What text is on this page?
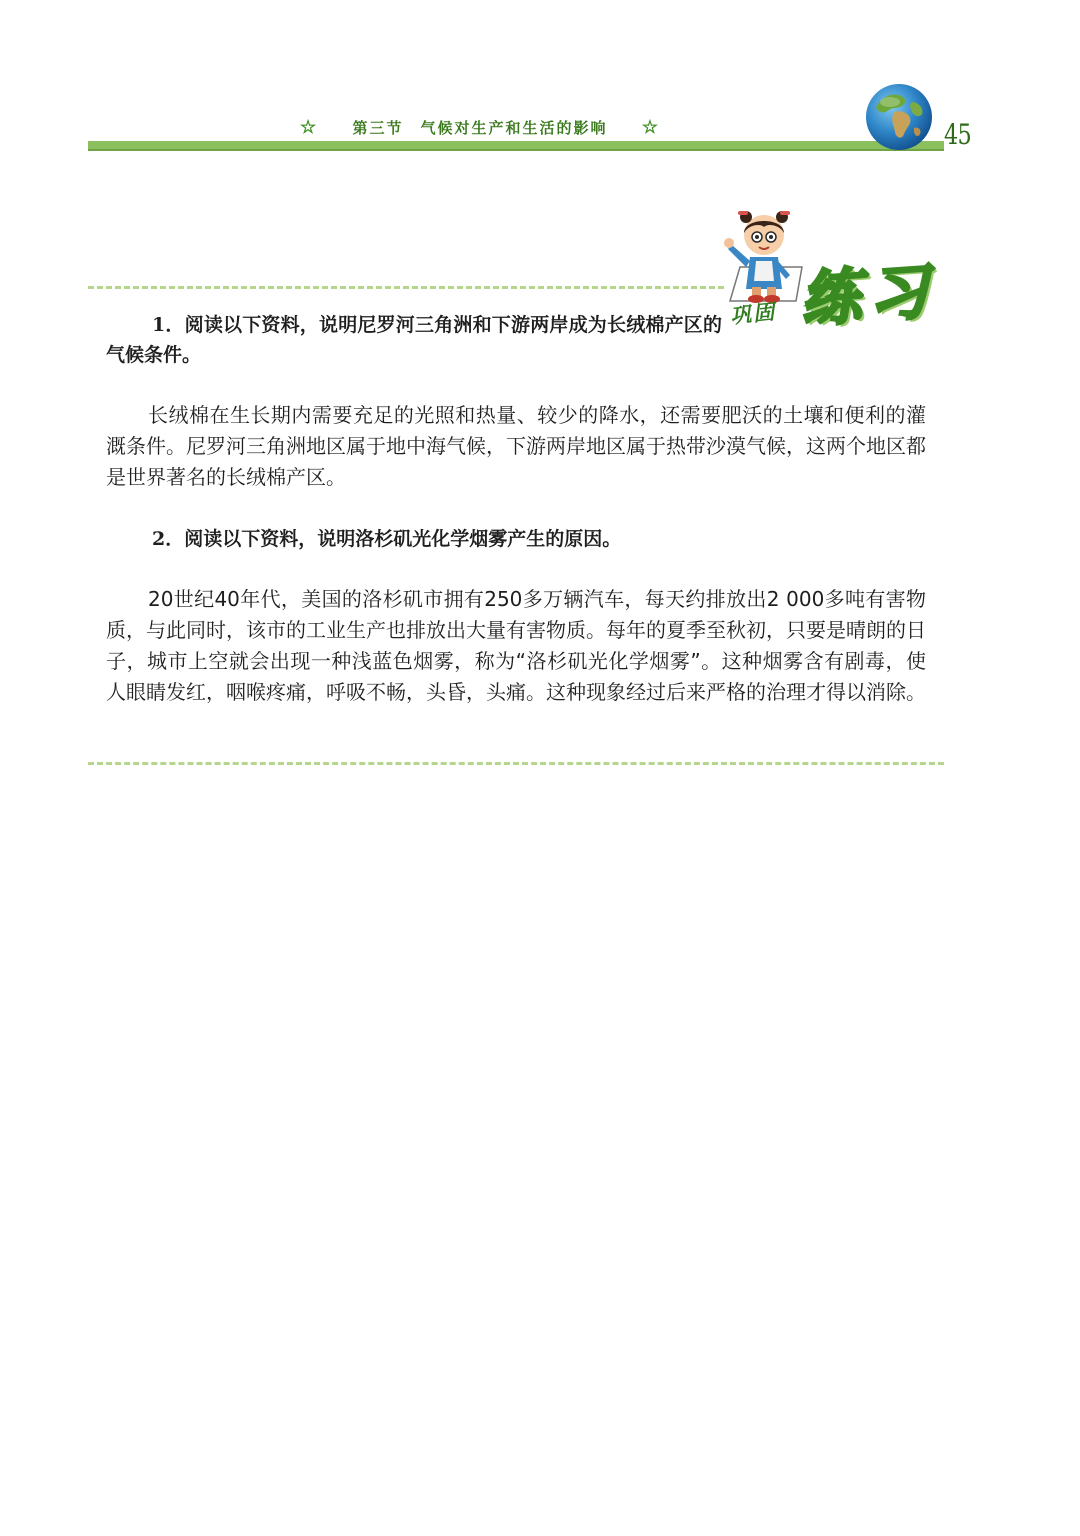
☆ 第三节　气候对生产和生活的影响 ☆	45
巩固 练习
1．阅读以下资料，说明尼罗河三角洲和下游两岸成为长绒棉产区的气候条件。
长绒棉在生长期内需要充足的光照和热量、较少的降水，还需要肥沃的土壤和便利的灌溉条件。尼罗河三角洲地区属于地中海气候，下游两岸地区属于热带沙漠气候，这两个地区都是世界著名的长绒棉产区。
2．阅读以下资料，说明洛杉矶光化学烟雾产生的原因。
20世纪40年代，美国的洛杉矶市拥有250多万辆汽车，每天约排放出2 000多吨有害物质，与此同时，该市的工业生产也排放出大量有害物质。每年的夏季至秋初，只要是晴朗的日子，城市上空就会出现一种浅蓝色烟雾，称为“洛杉矶光化学烟雾”。这种烟雾含有剧毒，使人眼睛发红，咽喉疼痛，呼吸不畅，头昏，头痛。这种现象经过后来严格的治理才得以消除。
